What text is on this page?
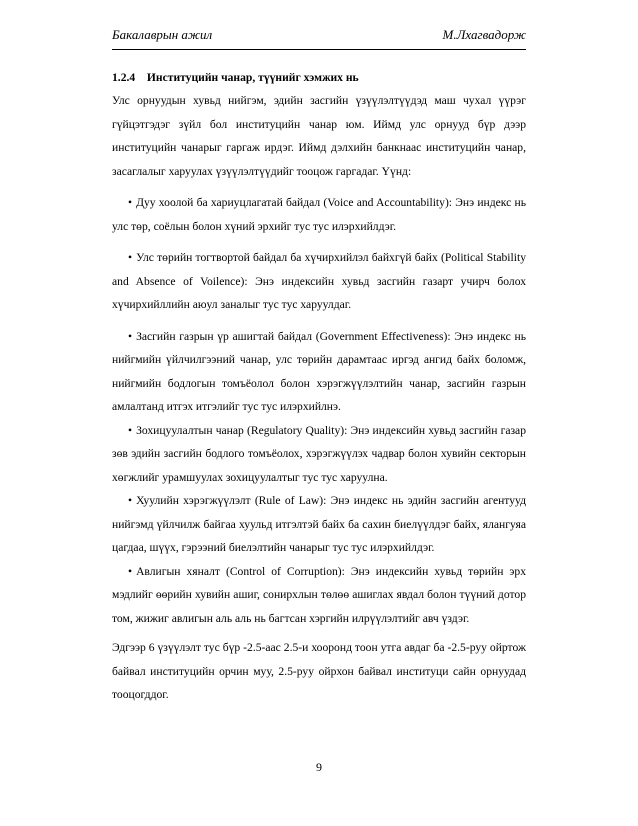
Бакалаврын ажил	М.Лхагвадорж

1.2.4 Институцийн чанар, түүнийг хэмжих нь

Улс орнуудын хувьд нийгэм, эдийн засгийн үзүүлэлтүүдэд маш чухал үүрэг гүйцэтгэдэг зүйл бол институцийн чанар юм. Иймд улс орнууд бүр дээр институцийн чанарыг гаргаж ирдэг. Иймд дэлхийн банкнаас институцийн чанар, засаглалыг харуулах үзүүлэлтүүдийг тооцож гаргадаг. Үүнд:

• Дуу хоолой ба хариуцлагатай байдал (Voice and Accountability): Энэ индекс нь улс төр, соёлын болон хүний эрхийг тус тус илэрхийлдэг.

• Улс төрийн тогтвортой байдал ба хүчирхийлэл байхгүй байх (Political Stability and Absence of Voilence): Энэ индексийн хувьд засгийн газарт учирч болох хүчирхийллийн аюул заналыг тус тус харуулдаг.

• Засгийн газрын үр ашигтай байдал (Government Effectiveness): Энэ индекс нь нийгмийн үйлчилгээний чанар, улс төрийн дарамтаас иргэд ангид байх боломж, нийгмийн бодлогын томъёолол болон хэрэгжүүлэлтийн чанар, засгийн газрын амлалтанд итгэх итгэлийг тус тус илэрхийлнэ.

• Зохицуулалтын чанар (Regulatory Quality): Энэ индексийн хувьд засгийн газар зөв эдийн засгийн бодлого томъёолох, хэрэгжүүлэх чадвар болон хувийн секторын хөгжлийг урамшуулах зохицуулалтыг тус тус харуулна.

• Хуулийн хэрэгжүүлэлт (Rule of Law): Энэ индекс нь эдийн засгийн агентууд нийгэмд үйлчилж байгаа хуульд итгэлтэй байх ба сахин биелүүлдэг байх, ялангуяа цагдаа, шүүх, гэрээний биелэлтийн чанарыг тус тус илэрхийлдэг.

• Авлигын хяналт (Control of Corruption): Энэ индексийн хувьд төрийн эрх мэдлийг өөрийн хувийн ашиг, сонирхлын төлөө ашиглах явдал болон түүний дотор том, жижиг авлигын аль аль нь багтсан хэргийн илрүүлэлтийг авч үздэг.

Эдгээр 6 үзүүлэлт тус бүр -2.5-аас 2.5-и хооронд тоон утга авдаг ба -2.5-руу ойртож байвал институцийн орчин муу, 2.5-руу ойрхон байвал институци сайн орнуудад тооцогддог.

9
